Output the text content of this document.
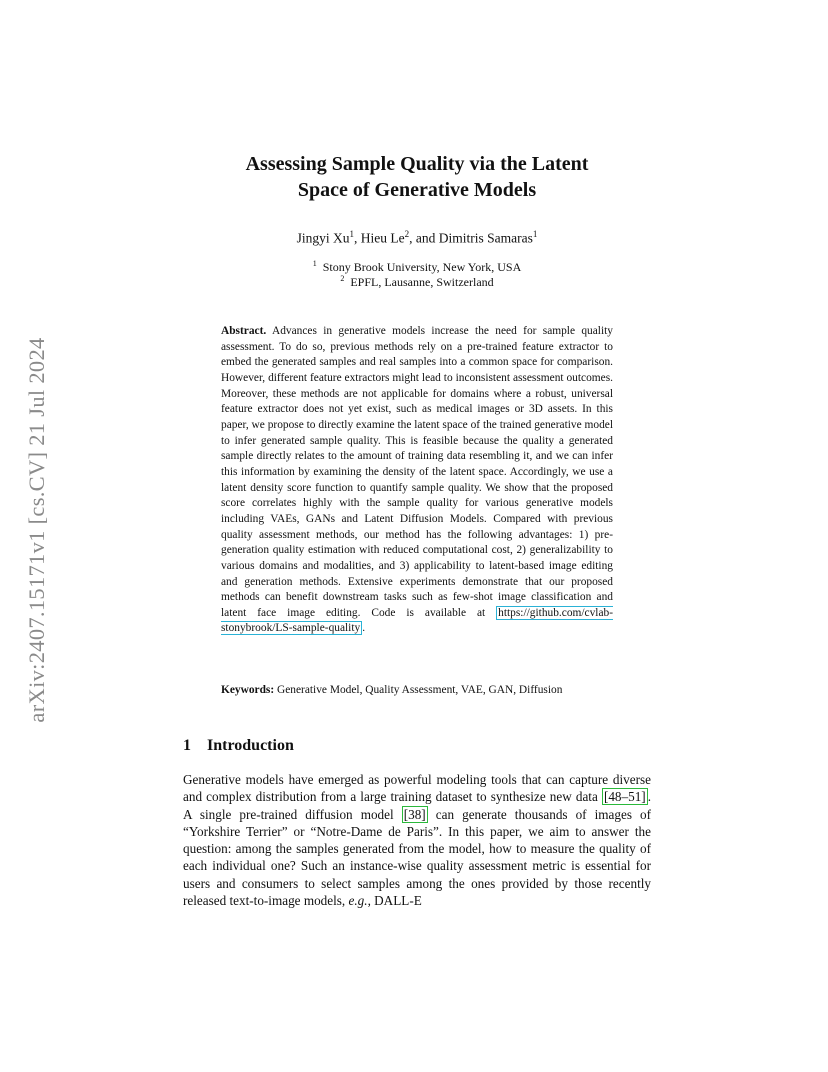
arXiv:2407.15171v1 [cs.CV] 21 Jul 2024
Assessing Sample Quality via the Latent
Space of Generative Models
Jingyi Xu$^1$, Hieu Le$^2$, and Dimitris Samaras$^1$
$^1$ Stony Brook University, New York, USA
$^2$ EPFL, Lausanne, Switzerland
Abstract. Advances in generative models increase the need for sample quality assessment. To do so, previous methods rely on a pre-trained feature extractor to embed the generated samples and real samples into a common space for comparison. However, different feature extractors might lead to inconsistent assessment outcomes. Moreover, these methods are not applicable for domains where a robust, universal feature extractor does not yet exist, such as medical images or 3D assets. In this paper, we propose to directly examine the latent space of the trained generative model to infer generated sample quality. This is feasible because the quality a generated sample directly relates to the amount of training data resembling it, and we can infer this information by examining the density of the latent space. Accordingly, we use a latent density score function to quantify sample quality. We show that the proposed score correlates highly with the sample quality for various generative models including VAEs, GANs and Latent Diffusion Models. Compared with previous quality assessment methods, our method has the following advantages: 1) pre-generation quality estimation with reduced computational cost, 2) generalizability to various domains and modalities, and 3) applicability to latent-based image editing and generation methods. Extensive experiments demonstrate that our proposed methods can benefit downstream tasks such as few-shot image classification and latent face image editing. Code is available at https://github.com/cvlab-stonybrook/LS-sample-quality .
Keywords: Generative Model, Quality Assessment, VAE, GAN, Diffusion
1 Introduction
Generative models have emerged as powerful modeling tools that can capture diverse and complex distribution from a large training dataset to synthesize new data [48–51] . A single pre-trained diffusion model [38] can generate thousands of images of “Yorkshire Terrier” or “Notre-Dame de Paris”. In this paper, we aim to answer the question: among the samples generated from the model, how to measure the quality of each individual one? Such an instance-wise quality assessment metric is essential for users and consumers to select samples among the ones provided by those recently released text-to-image models, e.g., DALL-E
